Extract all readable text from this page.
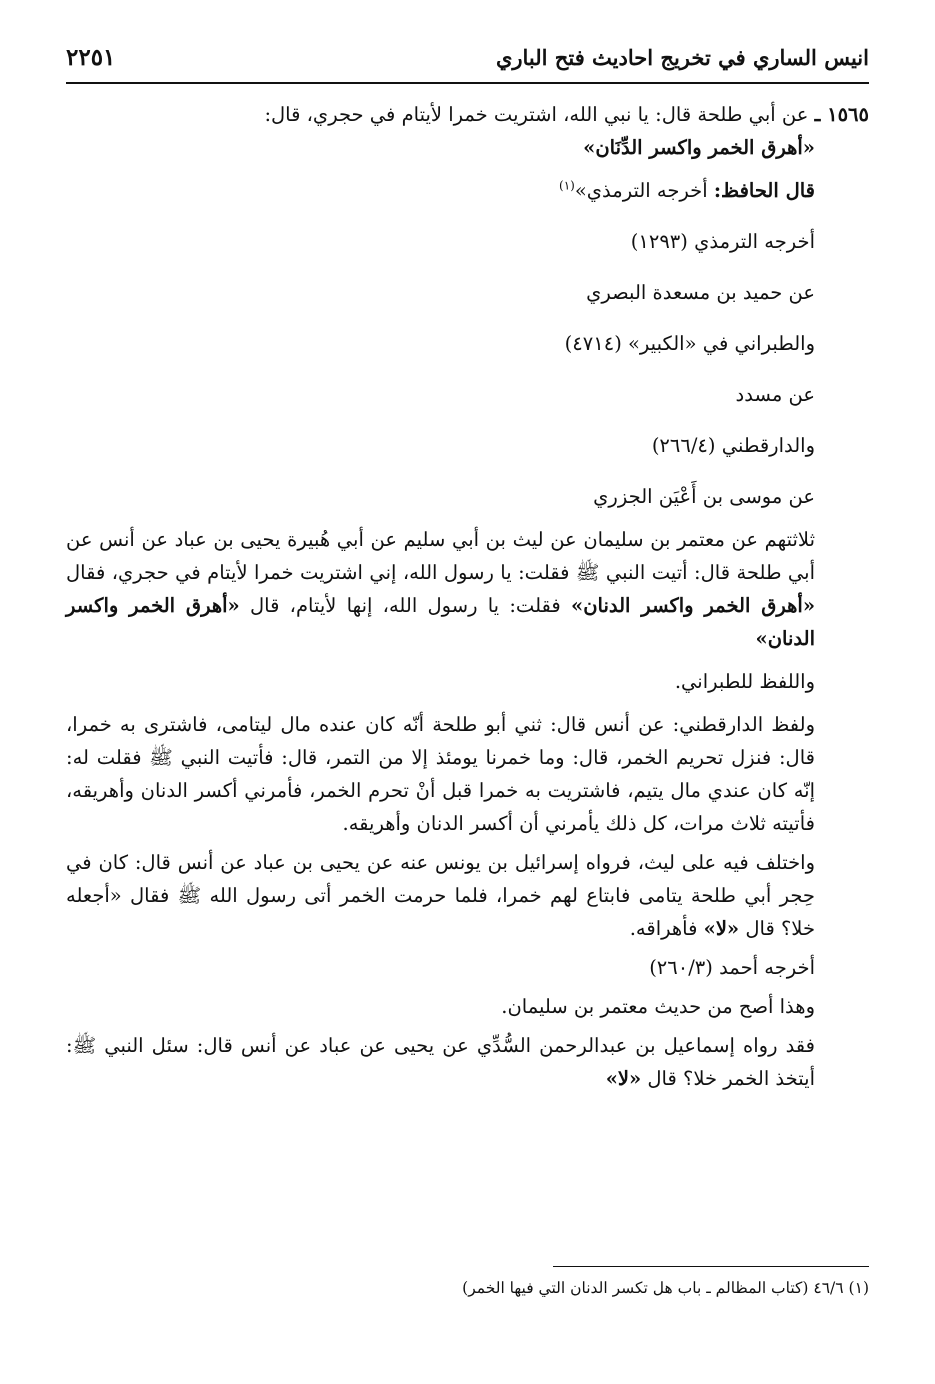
انيس الساري في تخريج احاديث فتح الباري
٢٢٥١

١٥٦٥ ـ عن أبي طلحة قال: يا نبي الله، اشتريت خمرا لأيتام في حجري، قال:
«أهرق الخمر واكسر الدِّنَان»

قال الحافظ: أخرجه الترمذي»$^{(١)}$

أخرجه الترمذي (١٢٩٣)

عن حميد بن مسعدة البصري

والطبراني في «الكبير» (٤٧١٤)

عن مسدد

والدارقطني (٢٦٦/٤)

عن موسى بن أَعْيَن الجزري

ثلاثتهم عن معتمر بن سليمان عن ليث بن أبي سليم عن أبي هُبيرة يحيى بن عباد عن أنس عن أبي طلحة قال: أتيت النبي ﷺ فقلت: يا رسول الله، إني اشتريت خمرا لأيتام في حجري، فقال «أهرق الخمر واكسر الدنان» فقلت: يا رسول الله، إنها لأيتام، قال «أهرق الخمر واكسر الدنان»

واللفظ للطبراني.

ولفظ الدارقطني: عن أنس قال: ثني أبو طلحة أنّه كان عنده مال ليتامى، فاشترى به خمرا، قال: فنزل تحريم الخمر، قال: وما خمرنا يومئذ إلا من التمر، قال: فأتيت النبي ﷺ فقلت له: إنّه كان عندي مال يتيم، فاشتريت به خمرا قبل أنْ تحرم الخمر، فأمرني أكسر الدنان وأهريقه، فأتيته ثلاث مرات، كل ذلك يأمرني أن أكسر الدنان وأهريقه.

واختلف فيه على ليث، فرواه إسرائيل بن يونس عنه عن يحيى بن عباد عن أنس قال: كان في حِجر أبي طلحة يتامى فابتاع لهم خمرا، فلما حرمت الخمر أتى رسول الله ﷺ فقال «أجعله خلا؟ قال «لا» فأهراقه.

أخرجه أحمد (٢٦٠/٣)

وهذا أصح من حديث معتمر بن سليمان.

فقد رواه إسماعيل بن عبدالرحمن السُّدِّي عن يحيى عن عباد عن أنس قال: سئل النبي ﷺ: أيتخذ الخمر خلا؟ قال «لا»

(١) ٤٦/٦ (كتاب المظالم ـ باب هل تكسر الدنان التي فيها الخمر)
